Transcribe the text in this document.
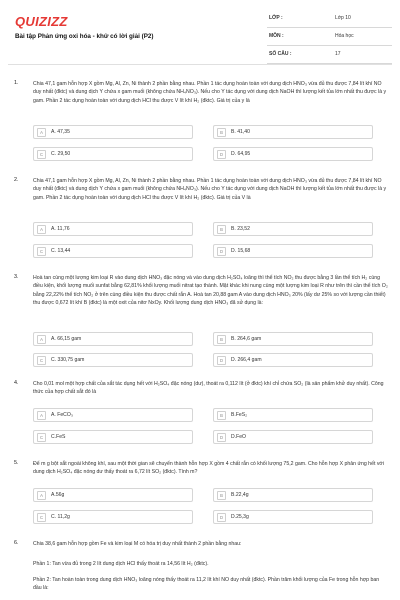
QUIZIZZ
Bài tập Phản ứng oxi hóa - khử có lời giải (P2)
LỚP :	Lớp 10
MÔN :	Hóa học
SỐ CÂU :	17
1.	Chia 47,1 gam hỗn hợp X gồm Mg, Al, Zn, Ni thành 2 phần bằng nhau. Phần 1 tác dụng hoàn toàn với dung dịch HNO₃ vừa đủ thu được 7,84 lít khí NO duy nhất (đktc) và dung dịch Y chứa x gam muối (không chứa NH₄NO₃). Nếu cho Y tác dụng với dung dịch NaOH thì lượng kết tủa lớn nhất thu được là y gam. Phần 2 tác dụng hoàn toàn với dung dịch HCl thu được V lít khí H₂ (đktc). Giá trị của y là
A	A. 47,35	B	B. 41,40
C	C. 29,50	D	D. 64,95
2.	Chia 47,1 gam hỗn hợp X gồm Mg, Al, Zn, Ni thành 2 phần bằng nhau. Phần 1 tác dụng hoàn toàn với dung dịch HNO₃ vừa đủ thu được 7,84 lít khí NO duy nhất (đktc) và dung dịch Y chứa x gam muối (không chứa NH₄NO₃). Nếu cho Y tác dụng với dung dịch NaOH thì lượng kết tủa lớn nhất thu được là y gam. Phần 2 tác dụng hoàn toàn với dung dịch HCl thu được V lít khí H₂ (đktc). Giá trị của V là
A	A. 11,76	B	B. 23,52
C	C. 13,44	D	D. 15,68
3.	Hoà tan cùng một lượng kim loại R vào dung dịch HNO₃ đặc nóng và vào dung dịch H₂SO₄ loãng thì thể tích NO₂ thu được bằng 3 lần thể tích H₂ cùng điều kiện, khối lượng muối sunfat bằng 62,81% khối lượng muối nitrat tạo thành. Mặt khác khi nung cùng một lượng kim loại R như trên thì cần thể tích O₂ bằng 22,22% thể tích NO₂ ở trên cùng điều kiện thu được chất rắn A. Hoà tan 20,88 gam A vào dung dịch HNO₃ 20% (lấy dư 25% so với lượng cần thiết) thu được 0,672 lít khí B (đktc) là một oxit của nitơ NxOy. Khối lượng dung dịch HNO₃ đã sử dụng là:
A	A. 66,15 gam	B	B. 264,6 gam
C	C. 330,75 gam	D	D. 266,4 gam
4.	Cho 0,01 mol một hợp chất của sắt tác dụng hết với H₂SO₄ đặc nóng (dư), thoát ra 0,112 lít (ở đktc) khí chỉ chứa SO₂ (là sản phẩm khử duy nhất). Công thức của hợp chất sắt đó là
A	A. FeCO₃	B	B.FeS₂
C	C.FeS	D	D.FeO
5.	Để m g bột sắt ngoài không khí, sau một thời gian sẽ chuyển thành hỗn hợp X gồm 4 chất rắn có khối lượng 75,2 gam. Cho hỗn hợp X phản ứng hết với dung dịch H₂SO₄ đặc nóng dư thấy thoát ra 6,72 lít SO₂ (đktc). Tính m?
A	A.56g	B	B.22,4g
C	C. 11,2g	D	D.25,3g
6.	Chia 38,6 gam hỗn hợp gồm Fe và kim loại M có hóa trị duy nhất thành 2 phần bằng nhau:
Phần 1: Tan vừa đủ trong 2 lít dung dịch HCl thấy thoát ra 14,56 lít H₂ (đktc).
Phần 2: Tan hoàn toàn trong dung dịch HNO₃ loãng nóng thấy thoát ra 11,2 lít khí NO duy nhất (đktc). Phần trăm khối lượng của Fe trong hỗn hợp ban đầu là:
